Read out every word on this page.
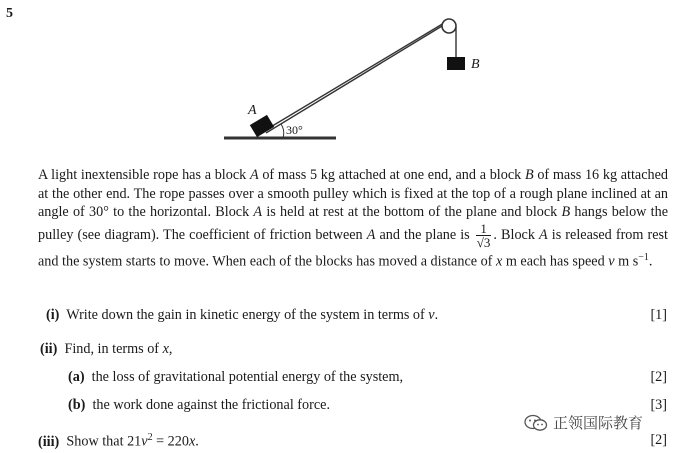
5
A
B
30°
A light inextensible rope has a block A of mass 5 kg attached at one end, and a block B of mass 16 kg attached at the other end. The rope passes over a smooth pulley which is fixed at the top of a rough plane inclined at an angle of 30° to the horizontal. Block A is held at rest at the bottom of the plane and block B hangs below the pulley (see diagram). The coefficient of friction between A and the plane is $\frac{1}{√3}$ . Block A is released from rest and the system starts to move. When each of the blocks has moved a distance of x m each has speed v m $s^{-1}$.
(i) Write down the gain in kinetic energy of the system in terms of v.	[1]
(ii) Find, in terms of x,
(a) the loss of gravitational potential energy of the system,	[2]
(b) the work done against the frictional force.	[3]
(iii) Show that $21v^2 = 220x$.	[2]
正领国际教育
